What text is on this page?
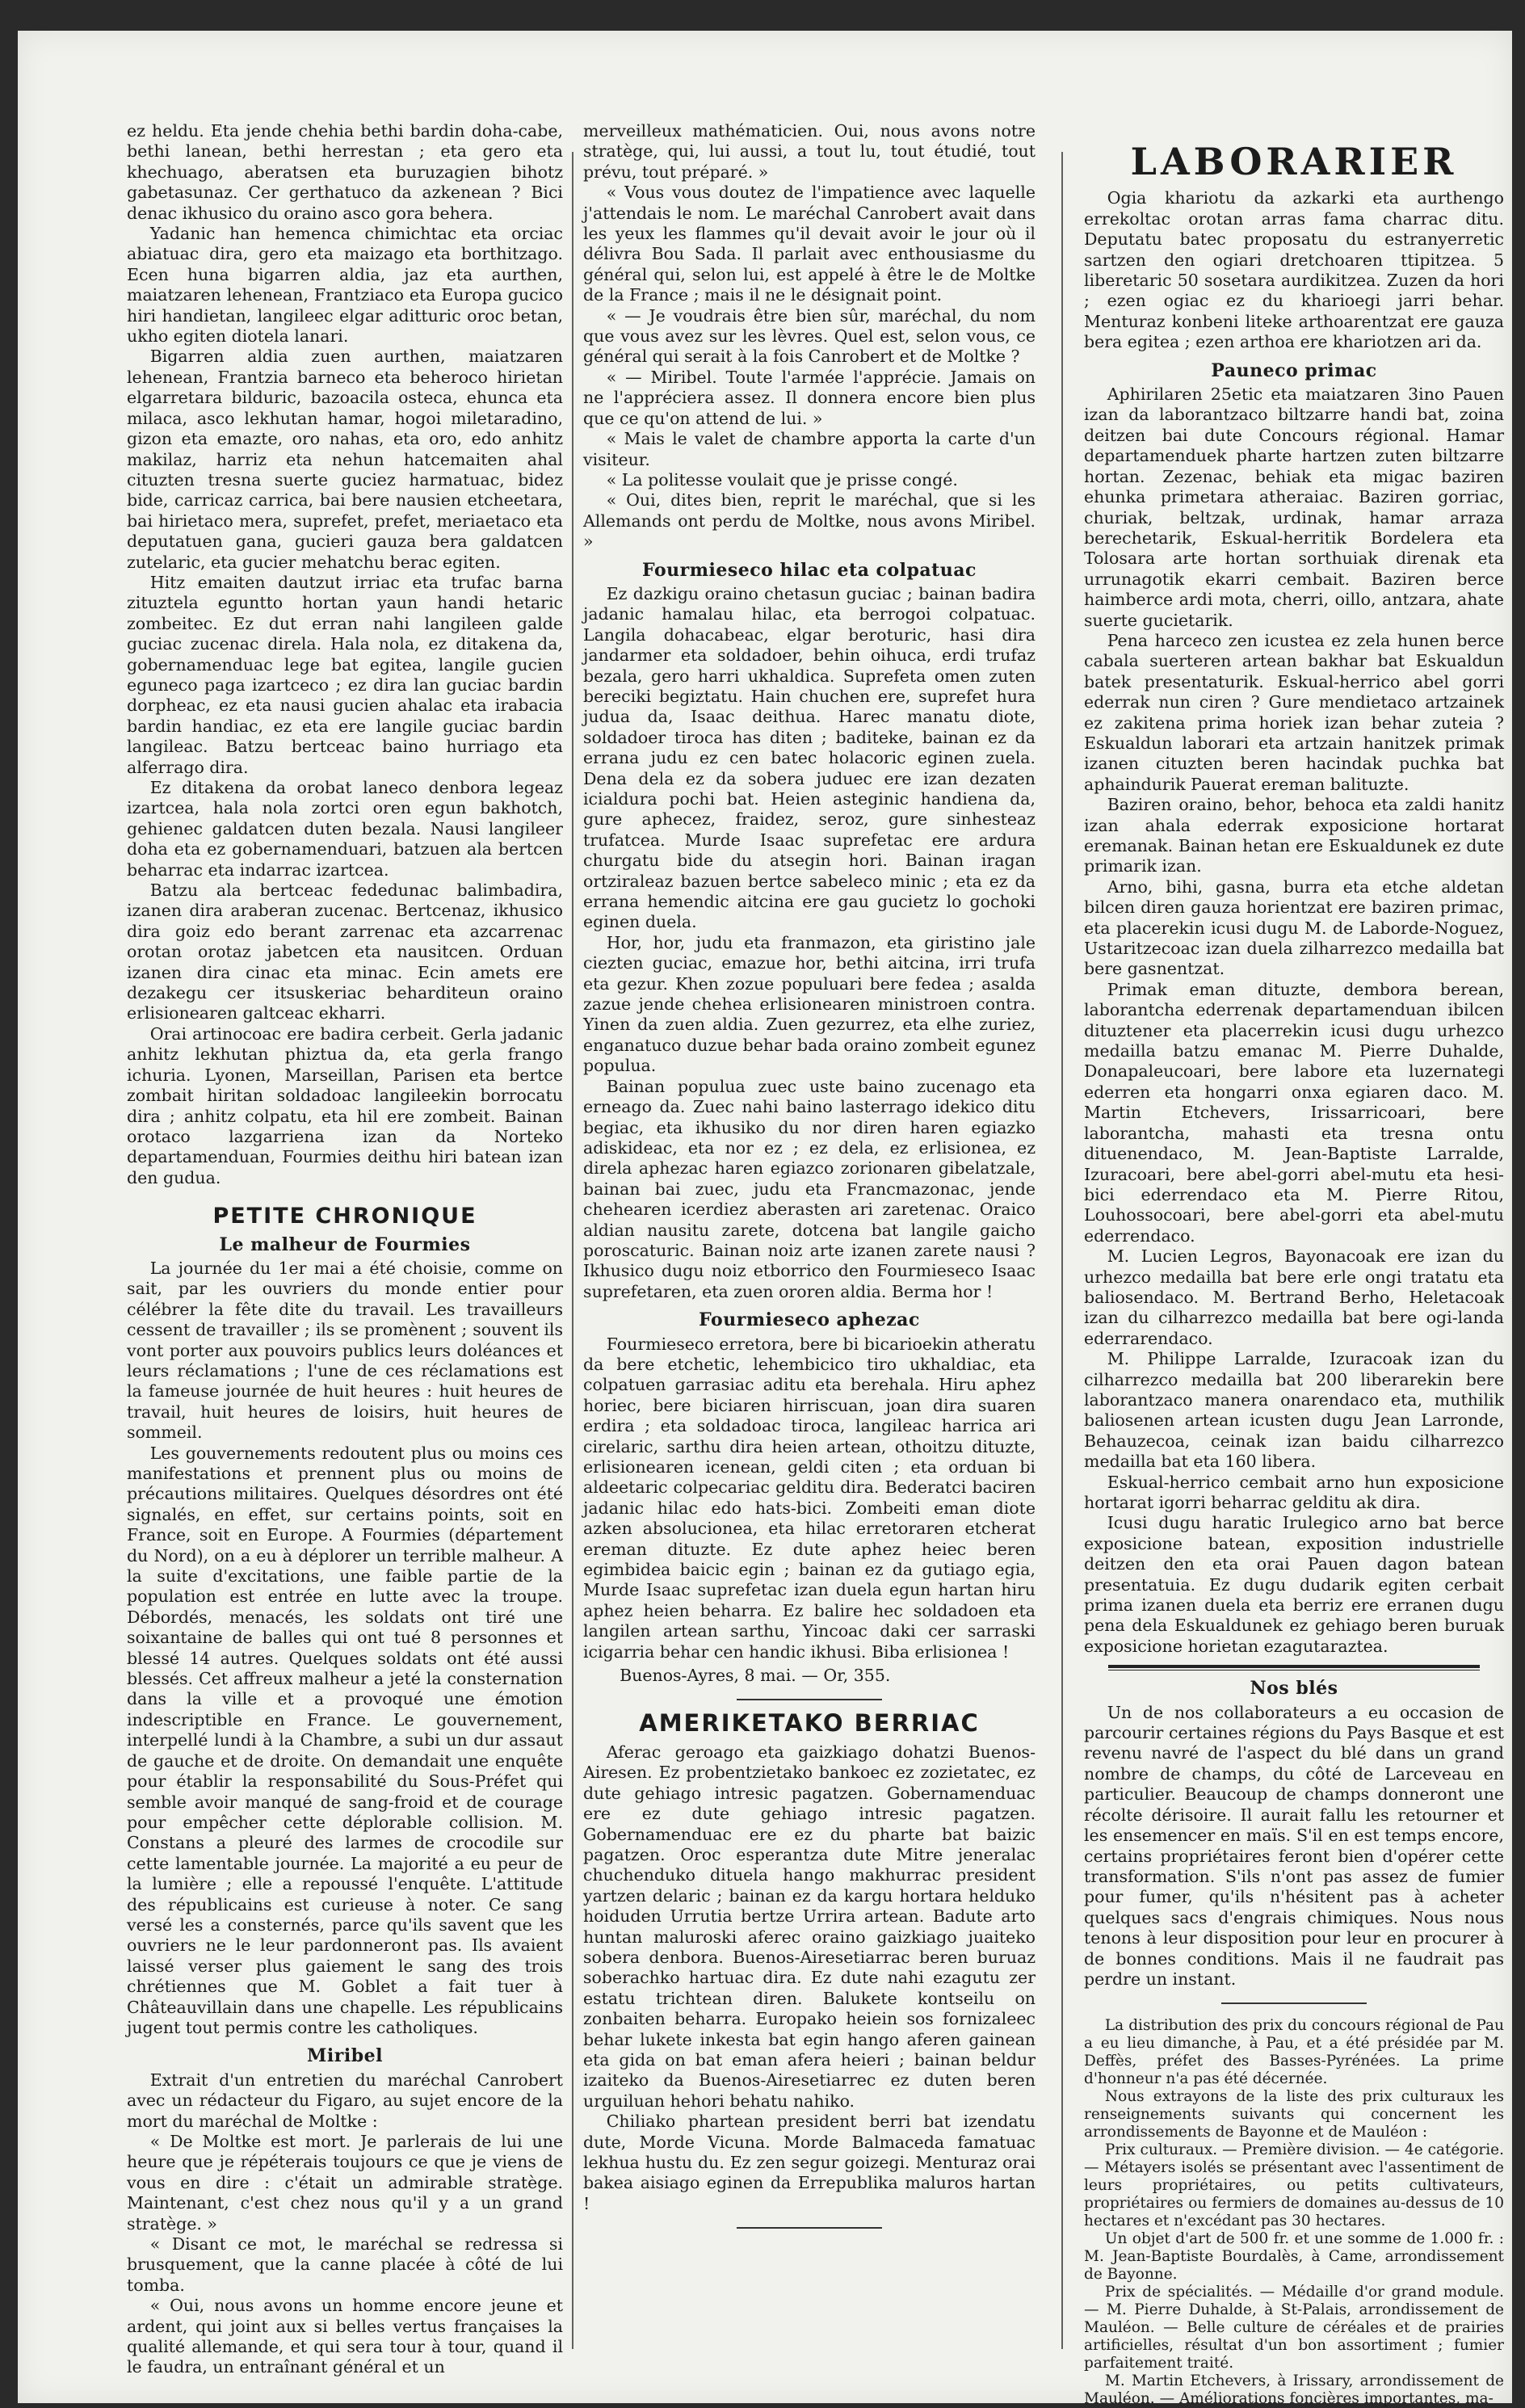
ez heldu. Eta jende chehia bethi bardin doha-cabe, bethi lanean, bethi herrestan ; eta gero eta khechuago, aberatsen eta buruzagien bihotz gabetasunaz. Cer gerthatuco da azkenean ? Bici denac ikhusico du oraino asco gora behera.

Yadanic han hemenca chimichtac eta orciac abiatuac dira, gero eta maizago eta borthitzago. Ecen huna bigarren aldia, jaz eta aurthen, maiatzaren lehenean, Frantziaco eta Europa gucico hiri handietan, langileec elgar aditturic oroc betan, ukho egiten diotela lanari.

Bigarren aldia zuen aurthen, maiatzaren lehenean, Frantzia barneco eta beheroco hirietan elgarretara bilduric, bazoacila osteca, ehunca eta milaca, asco lekhutan hamar, hogoi miletaradino, gizon eta emazte, oro nahas, eta oro, edo anhitz makilaz, harriz eta nehun hatcemaiten ahal cituzten tresna suerte guciez harmatuac, bidez bide, carricaz carrica, bai bere nausien etcheetara, bai hirietaco mera, suprefet, prefet, meriaetaco eta deputatuen gana, gucieri gauza bera galdatcen zutelaric, eta gucier mehatchu berac egiten.

Hitz emaiten dautzut irriac eta trufac barna zituztela eguntto hortan yaun handi hetaric zombeitec. Ez dut erran nahi langileen galde guciac zucenac direla. Hala nola, ez ditakena da, gobernamenduac lege bat egitea, langile gucien eguneco paga izartceco ; ez dira lan guciac bardin dorpheac, ez eta nausi gucien ahalac eta irabacia bardin handiac, ez eta ere langile guciac bardin langileac. Batzu bertceac baino hurriago eta alferrago dira.

Ez ditakena da orobat laneco denbora legeaz izartcea, hala nola zortci oren egun bakhotch, gehienec galdatcen duten bezala. Nausi langileer doha eta ez gobernamenduari, batzuen ala bertcen beharrac eta indarrac izartcea.

Batzu ala bertceac fededunac balimbadira, izanen dira araberan zucenac. Bertcenaz, ikhusico dira goiz edo berant zarrenac eta azcarrenac orotan orotaz jabetcen eta nausitcen. Orduan izanen dira cinac eta minac. Ecin amets ere dezakegu cer itsuskeriac beharditeun oraino erlisionearen galtceac ekharri.

Orai artinocoac ere badira cerbeit. Gerla jadanic anhitz lekhutan phiztua da, eta gerla frango ichuria. Lyonen, Marseillan, Parisen eta bertce zombait hiritan soldadoac langileekin borrocatu dira ; anhitz colpatu, eta hil ere zombeit. Bainan orotaco lazgarriena izan da Norteko departamenduan, Fourmies deithu hiri batean izan den gudua.

PETITE CHRONIQUE
Le malheur de Fourmies

La journée du 1er mai a été choisie, comme on sait, par les ouvriers du monde entier pour célébrer la fête dite du travail. Les travailleurs cessent de travailler ; ils se promènent ; souvent ils vont porter aux pouvoirs publics leurs doléances et leurs réclamations ; l'une de ces réclamations est la fameuse journée de huit heures : huit heures de travail, huit heures de loisirs, huit heures de sommeil.

Les gouvernements redoutent plus ou moins ces manifestations et prennent plus ou moins de précautions militaires. Quelques désordres ont été signalés, en effet, sur certains points, soit en France, soit en Europe. A Fourmies (département du Nord), on a eu à déplorer un terrible malheur. A la suite d'excitations, une faible partie de la population est entrée en lutte avec la troupe. Débordés, menacés, les soldats ont tiré une soixantaine de balles qui ont tué 8 personnes et blessé 14 autres. Quelques soldats ont été aussi blessés. Cet affreux malheur a jeté la consternation dans la ville et a provoqué une émotion indescriptible en France. Le gouvernement, interpellé lundi à la Chambre, a subi un dur assaut de gauche et de droite. On demandait une enquête pour établir la responsabilité du Sous-Préfet qui semble avoir manqué de sang-froid et de courage pour empêcher cette déplorable collision. M. Constans a pleuré des larmes de crocodile sur cette lamentable journée. La majorité a eu peur de la lumière ; elle a repoussé l'enquête. L'attitude des républicains est curieuse à noter. Ce sang versé les a consternés, parce qu'ils savent que les ouvriers ne le leur pardonneront pas. Ils avaient laissé verser plus gaiement le sang des trois chrétiennes que M. Goblet a fait tuer à Châteauvillain dans une chapelle. Les républicains jugent tout permis contre les catholiques.

Miribel

Extrait d'un entretien du maréchal Canrobert avec un rédacteur du Figaro, au sujet encore de la mort du maréchal de Moltke :

« De Moltke est mort. Je parlerais de lui une heure que je répéterais toujours ce que je viens de vous en dire : c'était un admirable stratège. Maintenant, c'est chez nous qu'il y a un grand stratège. »

« Disant ce mot, le maréchal se redressa si brusquement, que la canne placée à côté de lui tomba.

« Oui, nous avons un homme encore jeune et ardent, qui joint aux si belles vertus françaises la qualité allemande, et qui sera tour à tour, quand il le faudra, un entraînant général et un

merveilleux mathématicien. Oui, nous avons notre stratège, qui, lui aussi, a tout lu, tout étudié, tout prévu, tout préparé. »

« Vous vous doutez de l'impatience avec laquelle j'attendais le nom. Le maréchal Canrobert avait dans les yeux les flammes qu'il devait avoir le jour où il délivra Bou Sada. Il parlait avec enthousiasme du général qui, selon lui, est appelé à être le de Moltke de la France ; mais il ne le désignait point.

« — Je voudrais être bien sûr, maréchal, du nom que vous avez sur les lèvres. Quel est, selon vous, ce général qui serait à la fois Canrobert et de Moltke ?

« — Miribel. Toute l'armée l'apprécie. Jamais on ne l'appréciera assez. Il donnera encore bien plus que ce qu'on attend de lui. »

« Mais le valet de chambre apporta la carte d'un visiteur.

« La politesse voulait que je prisse congé.

« Oui, dites bien, reprit le maréchal, que si les Allemands ont perdu de Moltke, nous avons Miribel. »

Fourmieseco hilac eta colpatuac

Ez dazkigu oraino chetasun guciac ; bainan badira jadanic hamalau hilac, eta berrogoi colpatuac. Langila dohacabeac, elgar beroturic, hasi dira jandarmer eta soldadoer, behin oihuca, erdi trufaz bezala, gero harri ukhaldica. Suprefeta omen zuten bereciki begiztatu. Hain chuchen ere, suprefet hura judua da, Isaac deithua. Harec manatu diote, soldadoer tiroca has diten ; baditeke, bainan ez da errana judu ez cen batec holacoric eginen zuela. Dena dela ez da sobera juduec ere izan dezaten icialdura pochi bat. Heien asteginic handiena da, gure aphecez, fraidez, seroz, gure sinhesteaz trufatcea. Murde Isaac suprefetac ere ardura churgatu bide du atsegin hori. Bainan iragan ortziraleaz bazuen bertce sabeleco minic ; eta ez da errana hemendic aitcina ere gau gucietz lo gochoki eginen duela.

Hor, hor, judu eta franmazon, eta giristino jale ciezten guciac, emazue hor, bethi aitcina, irri trufa eta gezur. Khen zozue populuari bere fedea ; asalda zazue jende chehea erlisionearen ministroen contra. Yinen da zuen aldia. Zuen gezurrez, eta elhe zuriez, enganatuco duzue behar bada oraino zombeit egunez populua.

Bainan populua zuec uste baino zucenago eta erneago da. Zuec nahi baino lasterrago idekico ditu begiac, eta ikhusiko du nor diren haren egiazko adiskideac, eta nor ez ; ez dela, ez erlisionea, ez direla aphezac haren egiazco zorionaren gibelatzale, bainan bai zuec, judu eta Francmazonac, jende chehearen icerdiez aberasten ari zaretenac. Oraico aldian nausitu zarete, dotcena bat langile gaicho poroscaturic. Bainan noiz arte izanen zarete nausi ? Ikhusico dugu noiz etborrico den Fourmieseco Isaac suprefetaren, eta zuen ororen aldia. Berma hor !

Fourmieseco aphezac

Fourmieseco erretora, bere bi bicarioekin atheratu da bere etchetic, lehembicico tiro ukhaldiac, eta colpatuen garrasiac aditu eta berehala. Hiru aphez horiec, bere biciaren hirriscuan, joan dira suaren erdira ; eta soldadoac tiroca, langileac harrica ari cirelaric, sarthu dira heien artean, othoitzu dituzte, erlisionearen icenean, geldi citen ; eta orduan bi aldeetaric colpecariac gelditu dira. Bederatci baciren jadanic hilac edo hats-bici. Zombeiti eman diote azken absolucionea, eta hilac erretoraren etcherat ereman dituzte. Ez dute aphez heiec beren egimbidea baicic egin ; bainan ez da gutiago egia, Murde Isaac suprefetac izan duela egun hartan hiru aphez heien beharra. Ez balire hec soldadoen eta langilen artean sarthu, Yincoac daki cer sarraski icigarria behar cen handic ikhusi. Biba erlisionea !

Buenos-Ayres, 8 mai. — Or, 355.

AMERIKETAKO BERRIAC

Aferac geroago eta gaizkiago dohatzi Buenos-Airesen. Ez probentzietako bankoec ez zozietatec, ez dute gehiago intresic pagatzen. Gobernamenduac ere ez dute gehiago intresic pagatzen. Gobernamenduac ere ez du pharte bat baizic pagatzen. Oroc esperantza dute Mitre jeneralac chuchenduko dituela hango makhurrac president yartzen delaric ; bainan ez da kargu hortara helduko hoiduden Urrutia bertze Urrira artean. Badute arto huntan maluroski aferec oraino gaizkiago juaiteko sobera denbora. Buenos-Airesetiarrac beren buruaz soberachko hartuac dira. Ez dute nahi ezagutu zer estatu trichtean diren. Balukete kontseilu on zonbaiten beharra. Europako heiein sos fornizaleec behar lukete inkesta bat egin hango aferen gainean eta gida on bat eman afera heieri ; bainan beldur izaiteko da Buenos-Airesetiarrec ez duten beren urguiluan hehori behatu nahiko.

Chiliako phartean president berri bat izendatu dute, Morde Vicuna. Morde Balmaceda famatuac lekhua hustu du. Ez zen segur goizegi. Menturaz orai bakea aisiago eginen da Errepublika maluros hartan !

LABORARIER

Ogia khariotu da azkarki eta aurthengo errekoltac orotan arras fama charrac ditu. Deputatu batec proposatu du estranyerretic sartzen den ogiari dretchoaren ttipitzea. 5 liberetaric 50 sosetara aurdikitzea. Zuzen da hori ; ezen ogiac ez du kharioegi jarri behar. Menturaz konbeni liteke arthoarentzat ere gauza bera egitea ; ezen arthoa ere khariotzen ari da.

Pauneco primac

Aphirilaren 25etic eta maiatzaren 3ino Pauen izan da laborantzaco biltzarre handi bat, zoina deitzen bai dute Concours régional. Hamar departamenduek pharte hartzen zuten biltzarre hortan. Zezenac, behiak eta migac baziren ehunka primetara atheraiac. Baziren gorriac, churiak, beltzak, urdinak, hamar arraza berechetarik, Eskual-herritik Bordelera eta Tolosara arte hortan sorthuiak direnak eta urrunagotik ekarri cembait. Baziren berce haimberce ardi mota, cherri, oillo, antzara, ahate suerte gucietarik.

Pena harceco zen icustea ez zela hunen berce cabala suerteren artean bakhar bat Eskualdun batek presentaturik. Eskual-herrico abel gorri ederrak nun ciren ? Gure mendietaco artzainek ez zakitena prima horiek izan behar zuteia ? Eskualdun laborari eta artzain hanitzek primak izanen cituzten beren hacindak puchka bat aphaindurik Pauerat ereman balituzte.

Baziren oraino, behor, behoca eta zaldi hanitz izan ahala ederrak exposicione hortarat eremanak. Bainan hetan ere Eskualdunek ez dute primarik izan.

Arno, bihi, gasna, burra eta etche aldetan bilcen diren gauza horientzat ere baziren primac, eta placerekin icusi dugu M. de Laborde-Noguez, Ustaritzecoac izan duela zilharrezco medailla bat bere gasnentzat.

Primak eman dituzte, dembora berean, laborantcha ederrenak departamenduan ibilcen dituztener eta placerrekin icusi dugu urhezco medailla batzu emanac M. Pierre Duhalde, Donapaleucoari, bere labore eta luzernategi ederren eta hongarri onxa egiaren daco. M. Martin Etchevers, Irissarricoari, bere laborantcha, mahasti eta tresna ontu dituenendaco, M. Jean-Baptiste Larralde, Izuracoari, bere abel-gorri abel-mutu eta hesi-bici ederrendaco eta M. Pierre Ritou, Louhossocoari, bere abel-gorri eta abel-mutu ederrendaco.

M. Lucien Legros, Bayonacoak ere izan du urhezco medailla bat bere erle ongi tratatu eta baliosendaco. M. Bertrand Berho, Heletacoak izan du cilharrezco medailla bat bere ogi-landa ederrarendaco.

M. Philippe Larralde, Izuracoak izan du cilharrezco medailla bat 200 liberarekin bere laborantzaco manera onarendaco eta, muthilik baliosenen artean icusten dugu Jean Larronde, Behauzecoa, ceinak izan baidu cilharrezco medailla bat eta 160 libera.

Eskual-herrico cembait arno hun exposicione hortarat igorri beharrac gelditu ak dira.

Icusi dugu haratic Irulegico arno bat berce exposicione batean, exposition industrielle deitzen den eta orai Pauen dagon batean presentatuia. Ez dugu dudarik egiten cerbait prima izanen duela eta berriz ere erranen dugu pena dela Eskualdunek ez gehiago beren buruak exposicione horietan ezagutaraztea.

Nos blés

Un de nos collaborateurs a eu occasion de parcourir certaines régions du Pays Basque et est revenu navré de l'aspect du blé dans un grand nombre de champs, du côté de Larceveau en particulier. Beaucoup de champs donneront une récolte dérisoire. Il aurait fallu les retourner et les ensemencer en maïs. S'il en est temps encore, certains propriétaires feront bien d'opérer cette transformation. S'ils n'ont pas assez de fumier pour fumer, qu'ils n'hésitent pas à acheter quelques sacs d'engrais chimiques. Nous nous tenons à leur disposition pour leur en procurer à de bonnes conditions. Mais il ne faudrait pas perdre un instant.

La distribution des prix du concours régional de Pau a eu lieu dimanche, à Pau, et a été présidée par M. Deffès, préfet des Basses-Pyrénées. La prime d'honneur n'a pas été décernée.

Nous extrayons de la liste des prix culturaux les renseignements suivants qui concernent les arrondissements de Bayonne et de Mauléon :

Prix culturaux. — Première division. — 4e catégorie. — Métayers isolés se présentant avec l'assentiment de leurs propriétaires, ou petits cultivateurs, propriétaires ou fermiers de domaines au-dessus de 10 hectares et n'excédant pas 30 hectares.

Un objet d'art de 500 fr. et une somme de 1.000 fr. : M. Jean-Baptiste Bourdalès, à Came, arrondissement de Bayonne.

Prix de spécialités. — Médaille d'or grand module. — M. Pierre Duhalde, à St-Palais, arrondissement de Mauléon. — Belle culture de céréales et de prairies artificielles, résultat d'un bon assortiment ; fumier parfaitement traité.

M. Martin Etchevers, à Irissary, arrondissement de Mauléon. — Améliorations foncières importantes, ma-
